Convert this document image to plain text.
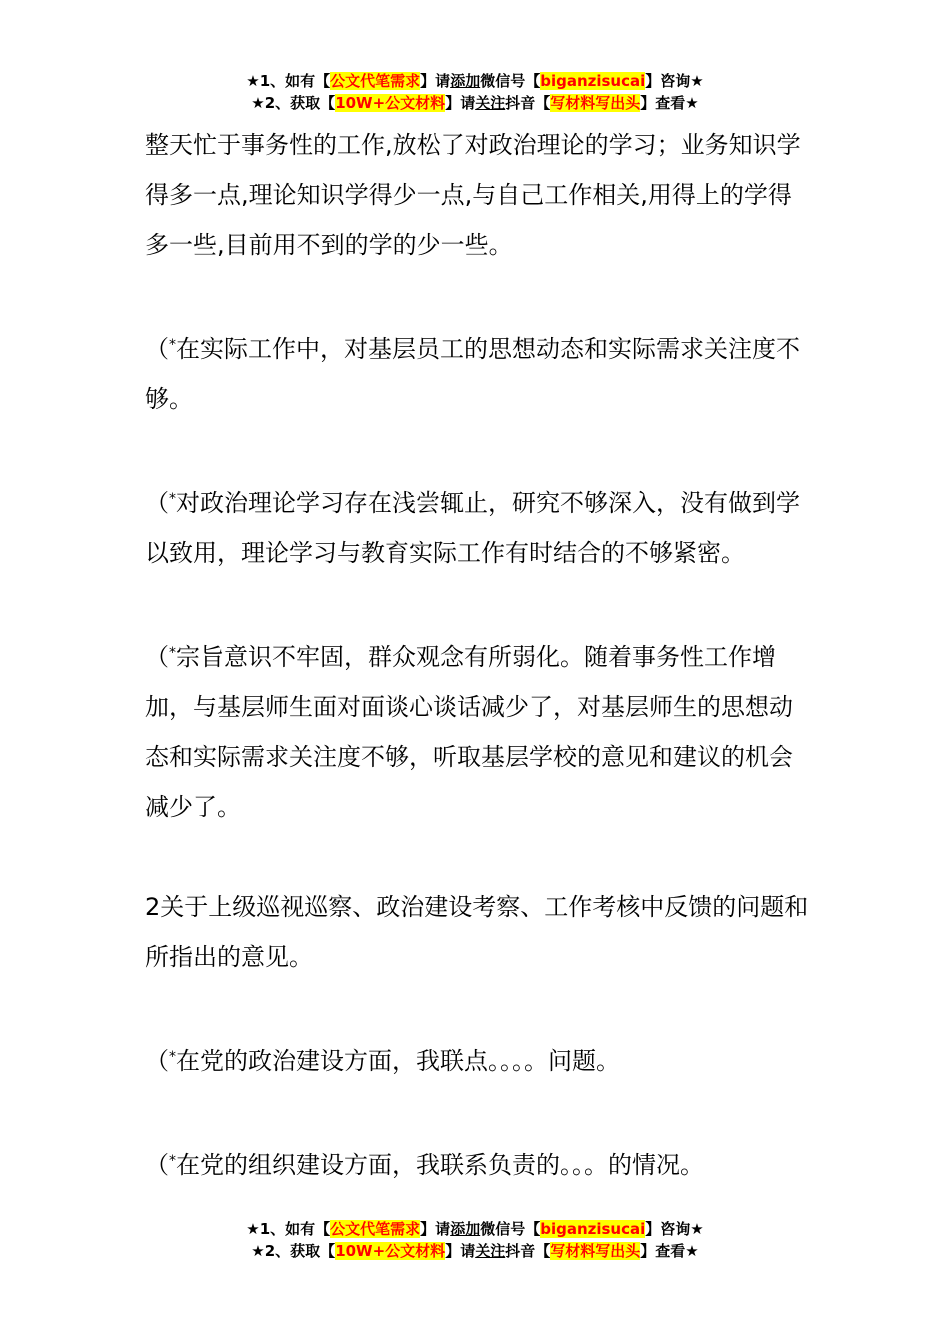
★1、如有【公文代笔需求】请添加微信号【biganzisucai】咨询★
★2、获取【10W+公文材料】请关注抖音【写材料写出头】查看★

整天忙于事务性的工作,放松了对政治理论的学习；业务知识学得多一点,理论知识学得少一点,与自己工作相关,用得上的学得多一些,目前用不到的学的少一些。

（*在实际工作中，对基层员工的思想动态和实际需求关注度不够。

（*对政治理论学习存在浅尝辄止，研究不够深入，没有做到学以致用，理论学习与教育实际工作有时结合的不够紧密。

（*宗旨意识不牢固，群众观念有所弱化。随着事务性工作增加，与基层师生面对面谈心谈话减少了，对基层师生的思想动态和实际需求关注度不够，听取基层学校的意见和建议的机会减少了。

2关于上级巡视巡察、政治建设考察、工作考核中反馈的问题和所指出的意见。

（*在党的政治建设方面，我联点。。。。问题。

（*在党的组织建设方面，我联系负责的。。。的情况。

★1、如有【公文代笔需求】请添加微信号【biganzisucai】咨询★
★2、获取【10W+公文材料】请关注抖音【写材料写出头】查看★
